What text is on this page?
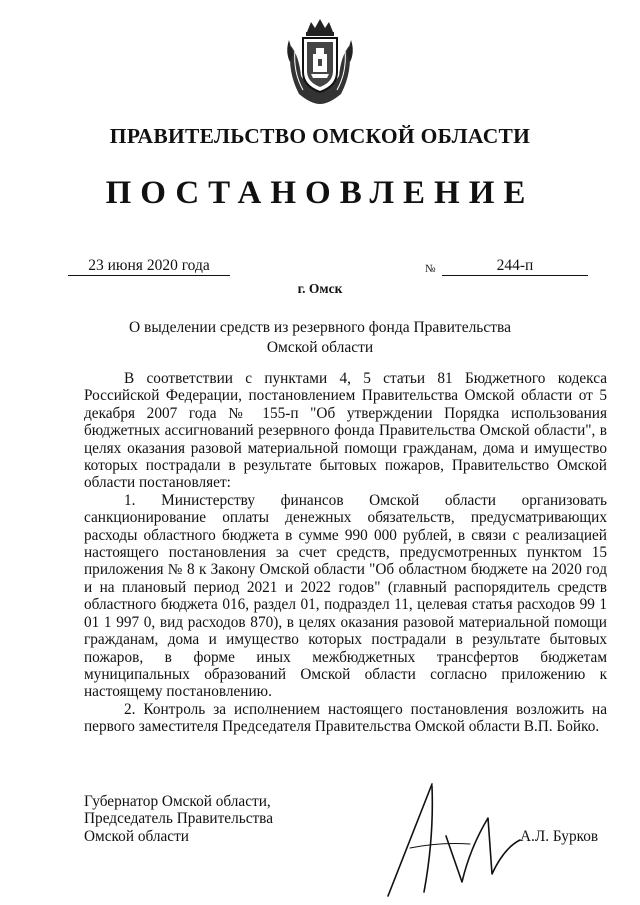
ПРАВИТЕЛЬСТВО ОМСКОЙ ОБЛАСТИ
ПОСТАНОВЛЕНИЕ
23 июня 2020 года	№	244-п
г. Омск
О выделении средств из резервного фонда Правительства
Омской области

В соответствии с пунктами 4, 5 статьи 81 Бюджетного кодекса Российской Федерации, постановлением Правительства Омской области от 5 декабря 2007 года № 155-п "Об утверждении Порядка использования бюджетных ассигнований резервного фонда Правительства Омской области", в целях оказания разовой материальной помощи гражданам, дома и имущество которых пострадали в результате бытовых пожаров, Правительство Омской области постановляет:

1. Министерству финансов Омской области организовать санкционирование оплаты денежных обязательств, предусматривающих расходы областного бюджета в сумме 990 000 рублей, в связи с реализацией настоящего постановления за счет средств, предусмотренных пунктом 15 приложения № 8 к Закону Омской области "Об областном бюджете на 2020 год и на плановый период 2021 и 2022 годов" (главный распорядитель средств областного бюджета 016, раздел 01, подраздел 11, целевая статья расходов 99 1 01 1 997 0, вид расходов 870), в целях оказания разовой материальной помощи гражданам, дома и имущество которых пострадали в результате бытовых пожаров, в форме иных межбюджетных трансфертов бюджетам муниципальных образований Омской области согласно приложению к настоящему постановлению.

2. Контроль за исполнением настоящего постановления возложить на первого заместителя Председателя Правительства Омской области В.П. Бойко.

Губернатор Омской области,
Председатель Правительства
Омской области	А.Л. Бурков
